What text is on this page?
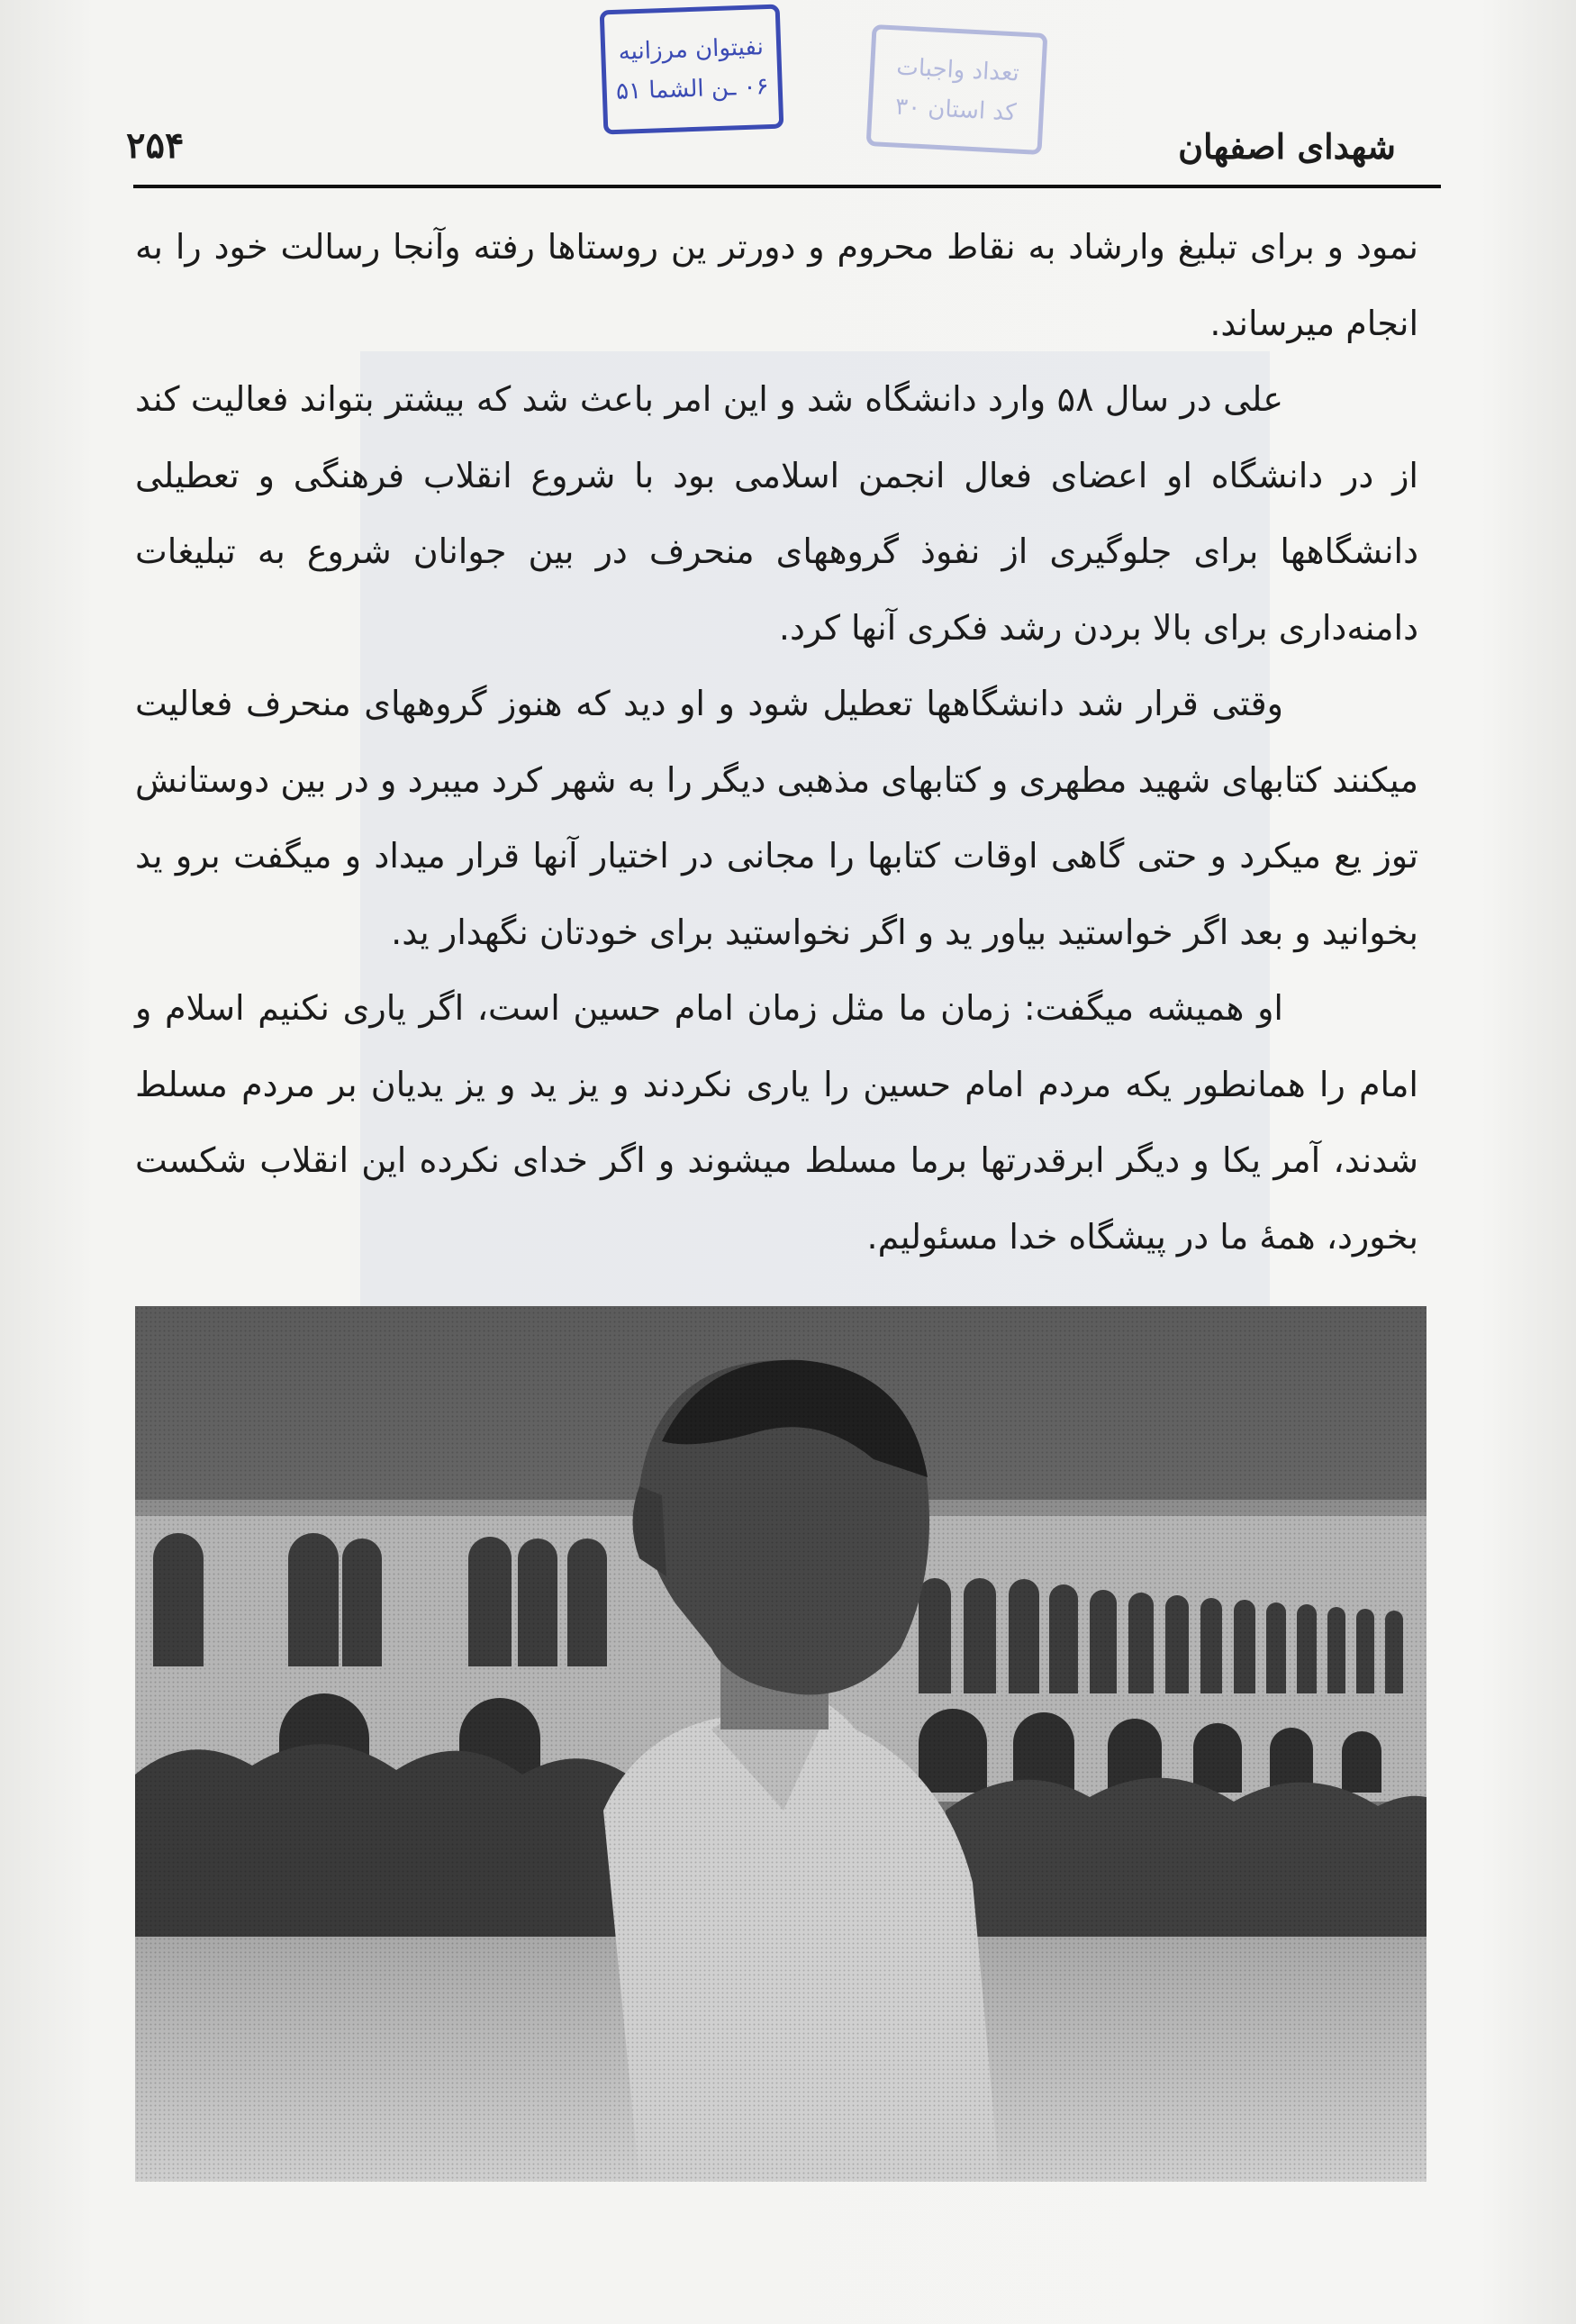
نفيتوان مرزانيه
۰۶ ـن الشما ۵۱
تعداد واجبات
کد استان ۳۰
شهدای اصفهان
۲۵۴

نمود و برای تبلیغ وارشاد به نقاط محروم و دورتر ین روستاها رفته وآنجا رسالت خود را به انجام میرساند.

علی در سال ۵۸ وارد دانشگاه شد و این امر باعث شد که بیشتر بتواند فعالیت کند از در دانشگاه او اعضای فعال انجمن اسلامی بود با شروع انقلاب فرهنگی و تعطیلی دانشگاهها برای جلوگیری از نفوذ گروههای منحرف در بین جوانان شروع به تبلیغات دامنه‌داری برای بالا بردن رشد فکری آنها کرد.

وقتی قرار شد دانشگاهها تعطیل شود و او دید که هنوز گروههای منحرف فعالیت میکنند کتابهای شهید مطهری و کتابهای مذهبی دیگر را به شهر کرد میبرد و در بین دوستانش توز یع میکرد و حتی گاهی اوقات کتابها را مجانی در اختیار آنها قرار میداد و میگفت برو ید بخوانید و بعد اگر خواستید بیاور ید و اگر نخواستید برای خودتان نگهدار ید.

او همیشه میگفت: زمان ما مثل زمان امام حسین است، اگر یاری نکنیم اسلام و امام را همانطور یکه مردم امام حسین را یاری نکردند و یز ید و یز یدیان بر مردم مسلط شدند، آمر یکا و دیگر ابرقدرتها برما مسلط میشوند و اگر خدای نکرده این انقلاب شکست بخورد، همهٔ ما در پیشگاه خدا مسئولیم.
